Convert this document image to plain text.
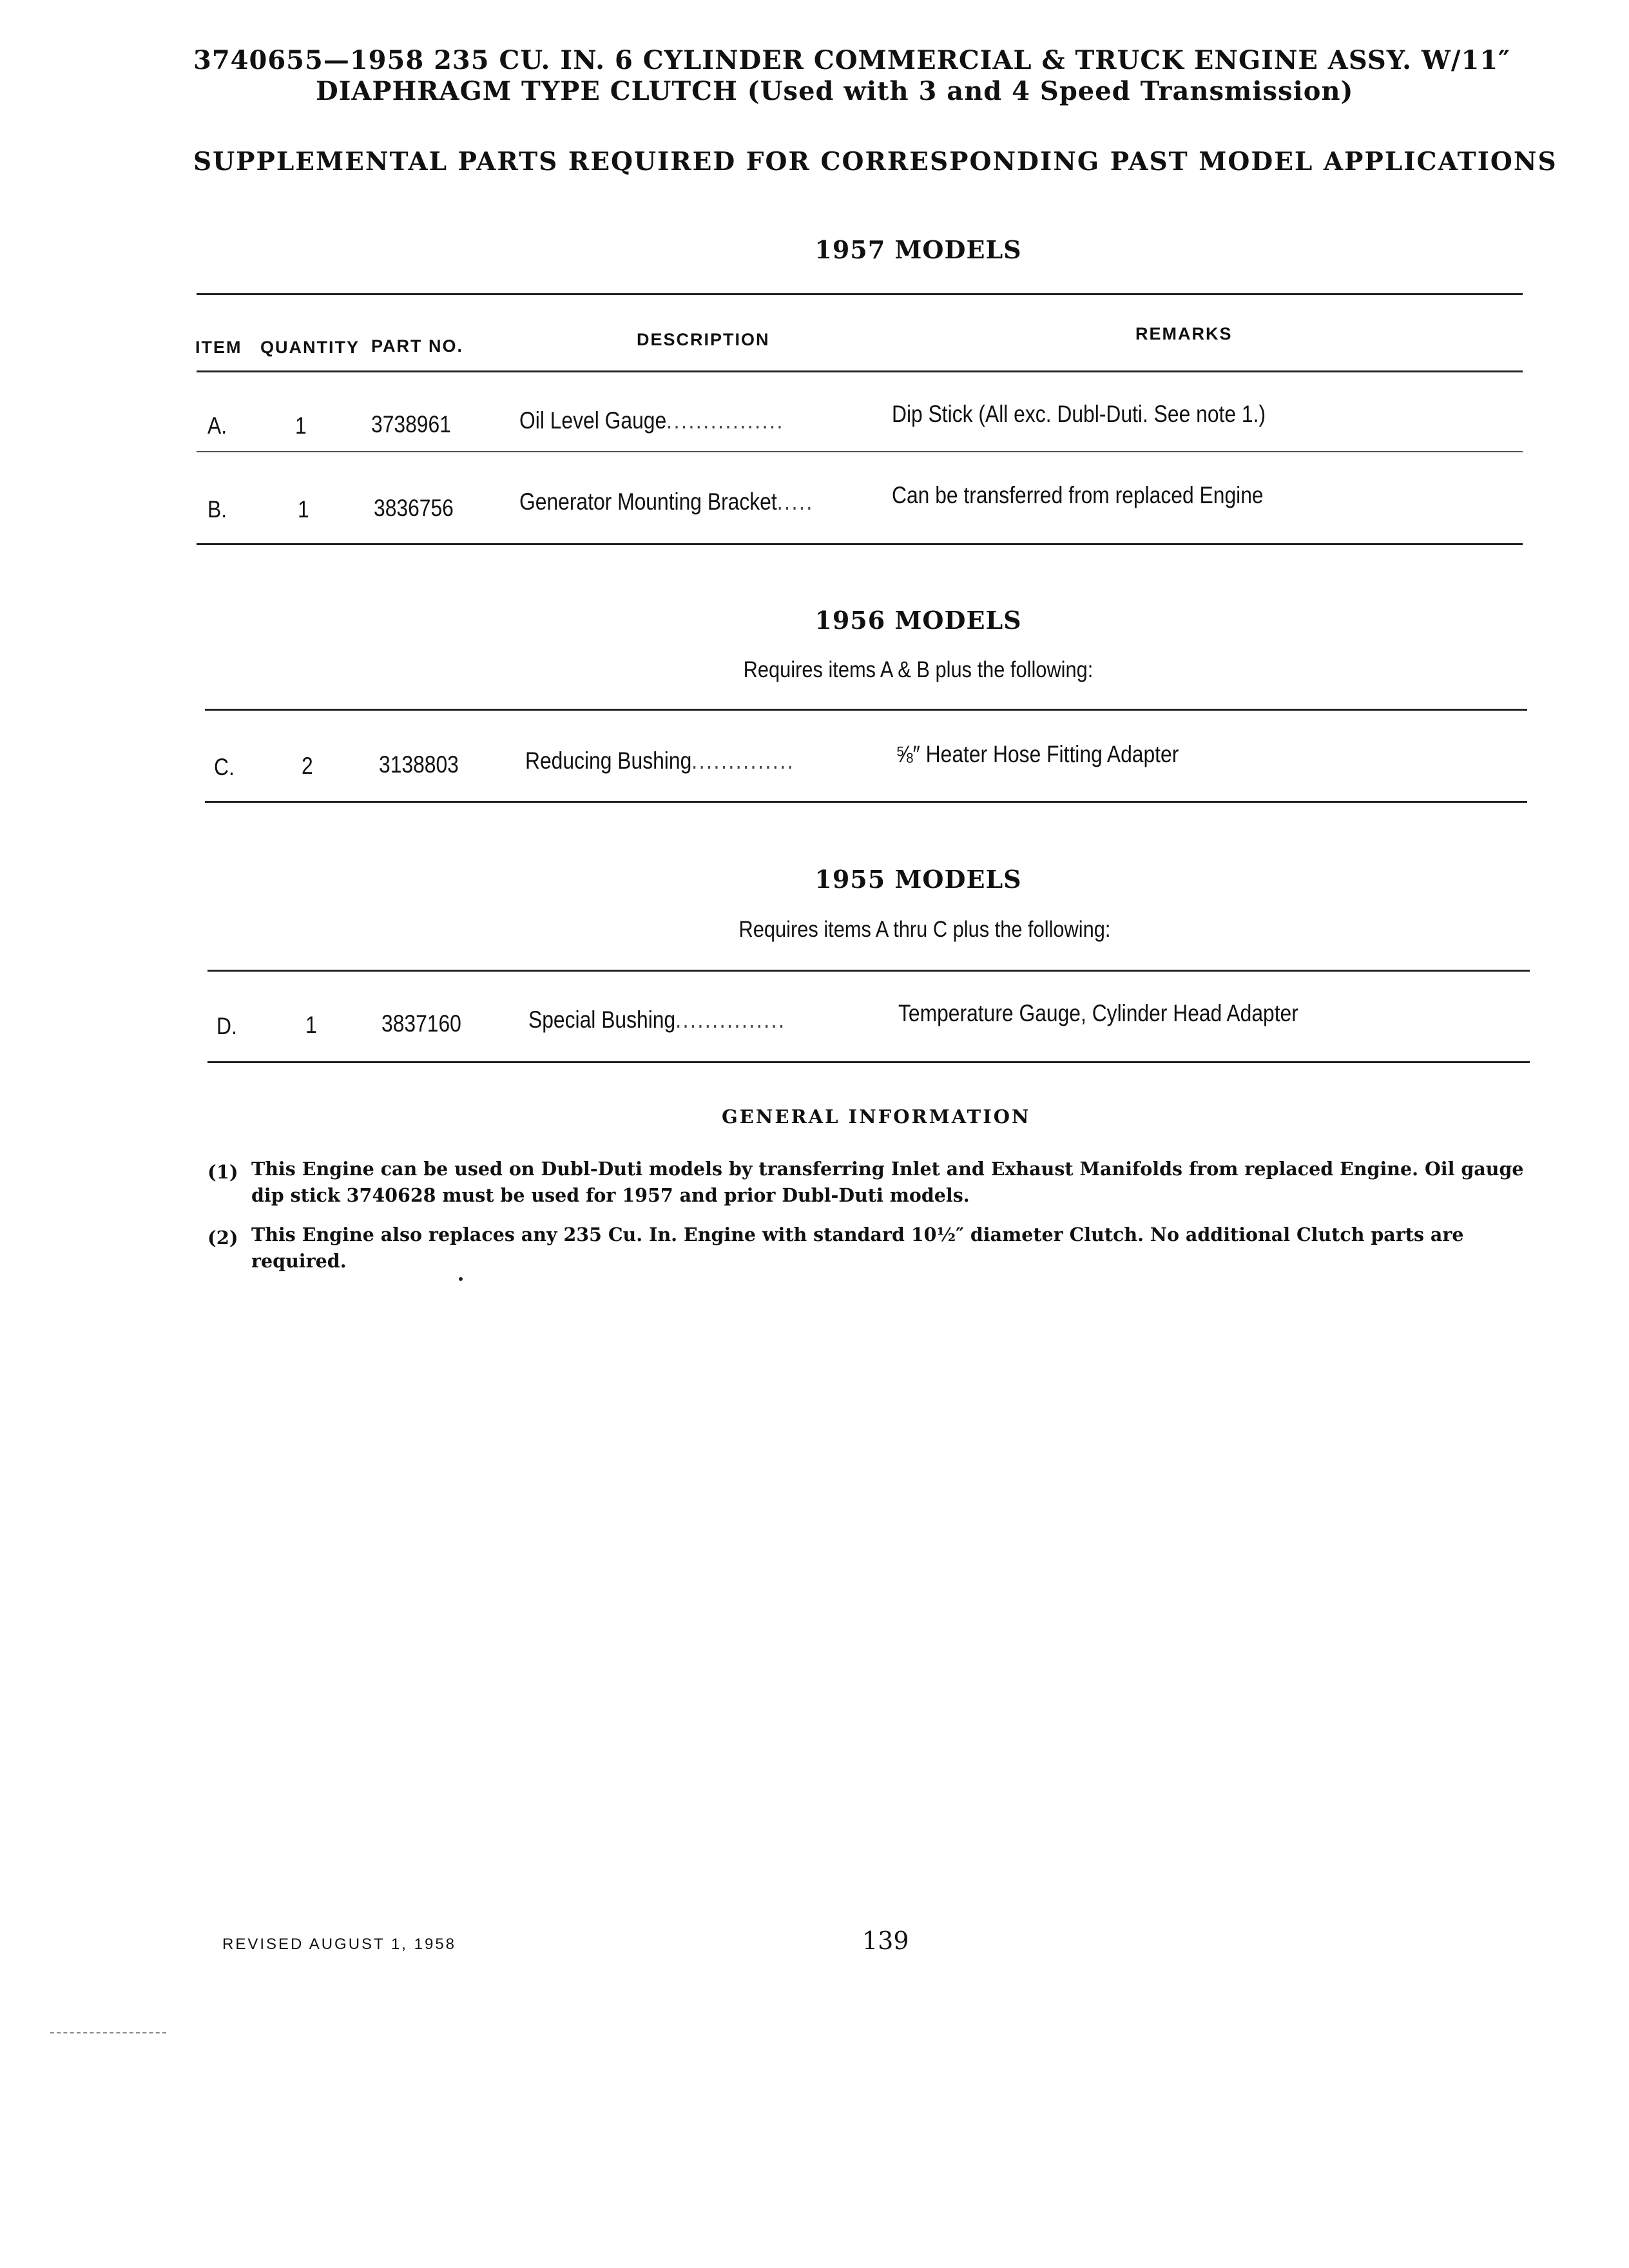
3740655—1958 235 CU. IN. 6 CYLINDER COMMERCIAL & TRUCK ENGINE ASSY. W/11″
DIAPHRAGM TYPE CLUTCH (Used with 3 and 4 Speed Transmission)
SUPPLEMENTAL PARTS REQUIRED FOR CORRESPONDING PAST MODEL APPLICATIONS
1957 MODELS
ITEM QUANTITY PART NO.	DESCRIPTION	REMARKS
A.	1	3738961	Oil Level Gauge................	Dip Stick (All exc. Dubl-Duti. See note 1.)
B.	1	3836756	Generator Mounting Bracket.....	Can be transferred from replaced Engine
1956 MODELS
Requires items A & B plus the following:
C.	2	3138803	Reducing Bushing..............	⅝″ Heater Hose Fitting Adapter
1955 MODELS
Requires items A thru C plus the following:
D.	1	3837160	Special Bushing...............	Temperature Gauge, Cylinder Head Adapter
GENERAL INFORMATION
(1) This Engine can be used on Dubl-Duti models by transferring Inlet and Exhaust Manifolds from replaced Engine. Oil gauge dip stick 3740628 must be used for 1957 and prior Dubl-Duti models.
(2) This Engine also replaces any 235 Cu. In. Engine with standard 10½″ diameter Clutch. No additional Clutch parts are required.
REVISED AUGUST 1, 1958	139
